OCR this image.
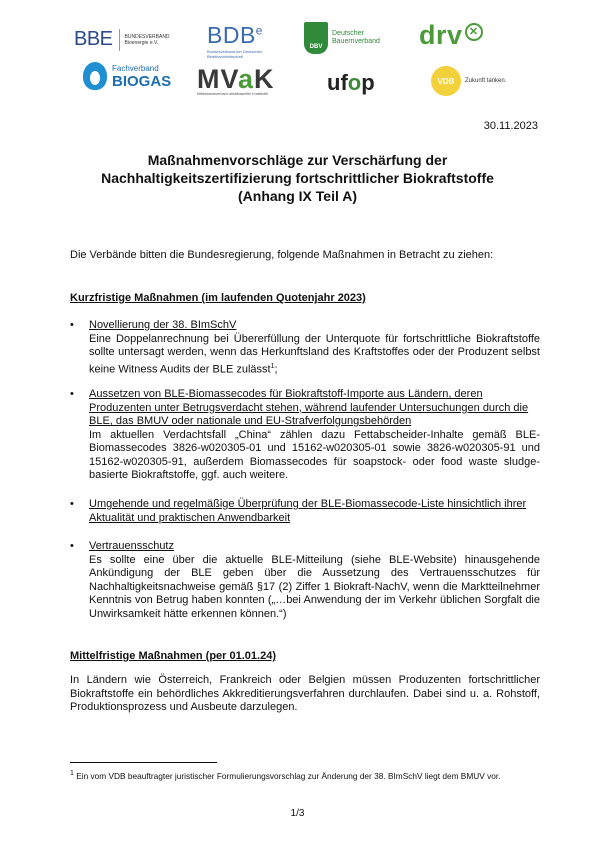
BBE BUNDESVERBAND
Bioenergie e.V.	BDB$^e$
Bundesverband der Deutschen Bioethanolwirtschaft
DBV
Deutscher
Bauernverband drv ✕
Fachverband
BIOGAS MVaK
Mittelstandsverband abfallbasierter Kraftstoffe	ufop	VDB	Zukunft tanken.
30.11.2023
Maßnahmenvorschläge zur Verschärfung der
Nachhaltigkeitszertifizierung fortschrittlicher Biokraftstoffe
(Anhang IX Teil A)
Die Verbände bitten die Bundesregierung, folgende Maßnahmen in Betracht zu ziehen:
Kurzfristige Maßnahmen (im laufenden Quotenjahr 2023)
• Novellierung der 38. BImSchV
Eine Doppelanrechnung bei Übererfüllung der Unterquote für fortschrittliche Biokraftstoffe sollte untersagt werden, wenn das Herkunftsland des Kraftstoffes oder der Produzent selbst keine Witness Audits der BLE zulässt$^1$;
• Aussetzen von BLE-Biomassecodes für Biokraftstoff-Importe aus Ländern, deren Produzenten unter Betrugsverdacht stehen, während laufender Untersuchungen durch die BLE, das BMUV oder nationale und EU-Strafverfolgungsbehörden
Im aktuellen Verdachtsfall „China“ zählen dazu Fettabscheider-Inhalte gemäß BLE-Biomassecodes 3826-w020305-01 und 15162-w020305-01 sowie 3826-w020305-91 und 15162-w020305-91, außerdem Biomassecodes für soapstock- oder food waste sludge-basierte Biokraftstoffe, ggf. auch weitere.
• Umgehende und regelmäßige Überprüfung der BLE-Biomassecode-Liste hinsichtlich ihrer Aktualität und praktischen Anwendbarkeit
• Vertrauensschutz
Es sollte eine über die aktuelle BLE-Mitteilung (siehe BLE-Website) hinausgehende Ankündigung der BLE geben über die Aussetzung des Vertrauensschutzes für Nachhaltigkeitsnachweise gemäß §17 (2) Ziffer 1 Biokraft-NachV, wenn die Marktteilnehmer Kenntnis von Betrug haben konnten („…bei Anwendung der im Verkehr üblichen Sorgfalt die Unwirksamkeit hätte erkennen können.“)
Mittelfristige Maßnahmen (per 01.01.24)
In Ländern wie Österreich, Frankreich oder Belgien müssen Produzenten fortschrittlicher Biokraftstoffe ein behördliches Akkreditierungsverfahren durchlaufen. Dabei sind u. a. Rohstoff, Produktionsprozess und Ausbeute darzulegen.
$^1$ Ein vom VDB beauftragter juristischer Formulierungsvorschlag zur Änderung der 38. BImSchV liegt dem BMUV vor.
1/3
